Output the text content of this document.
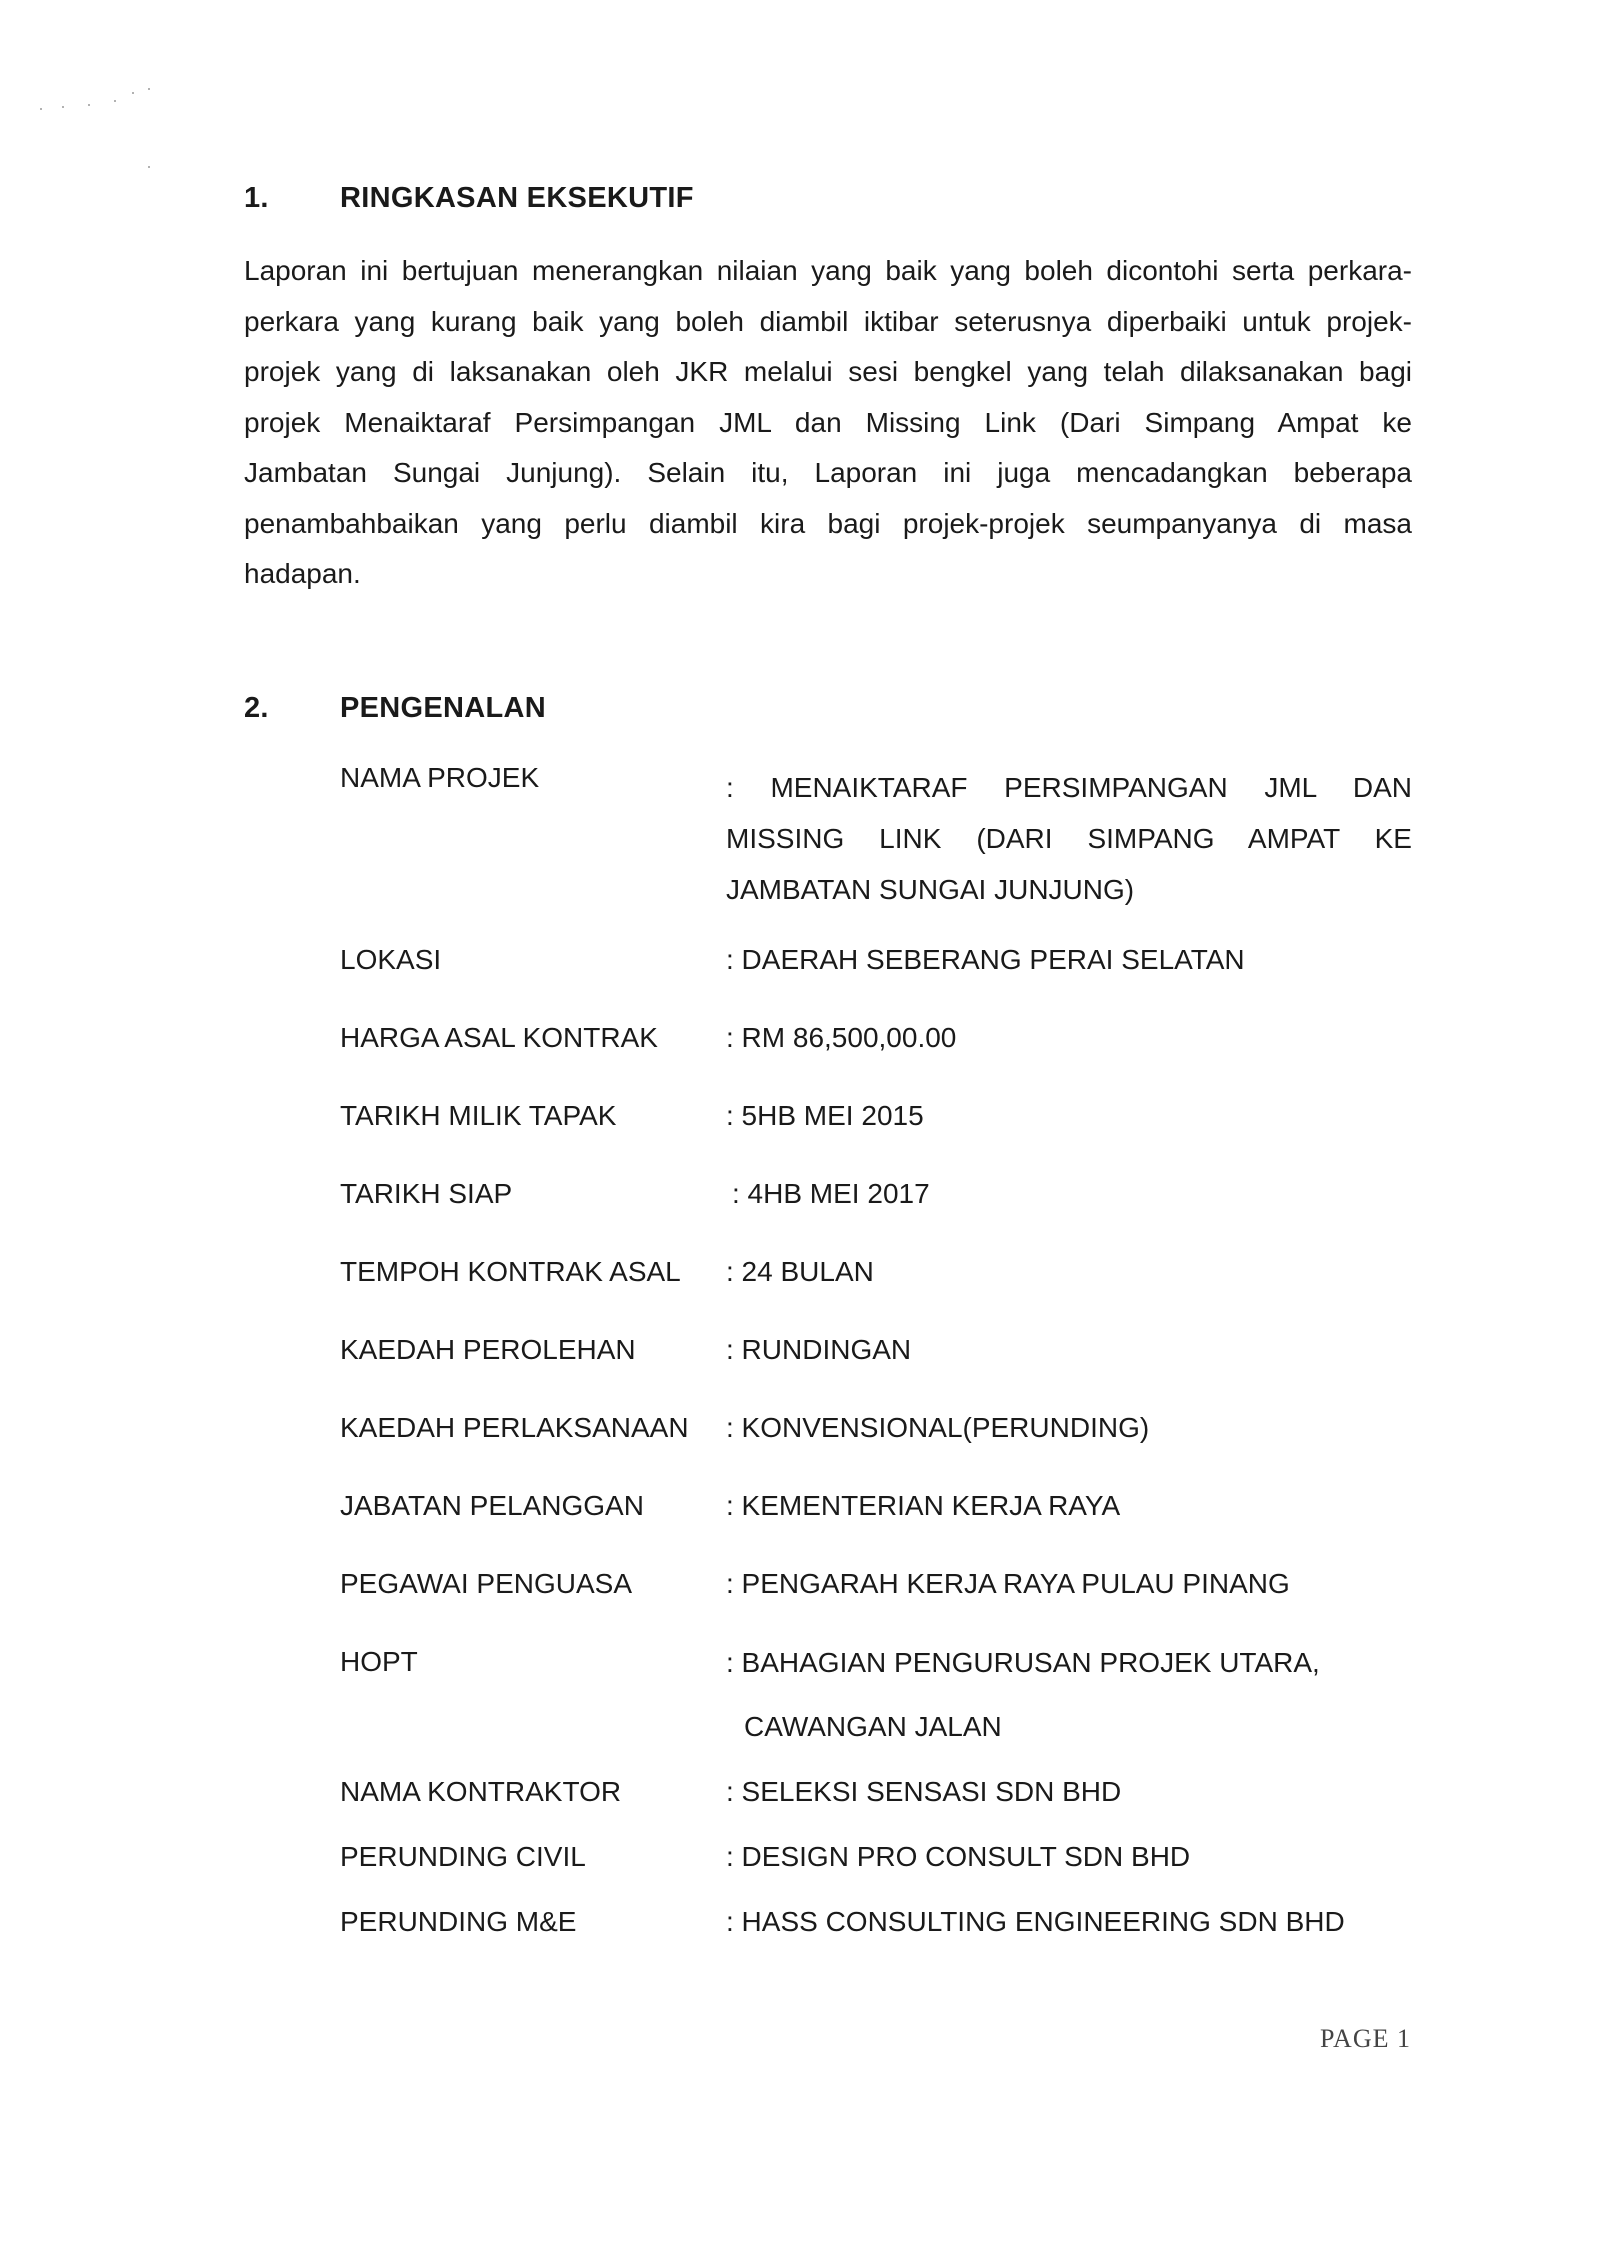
1. RINGKASAN EKSEKUTIF
Laporan ini bertujuan menerangkan nilaian yang baik yang boleh dicontohi serta perkara-
perkara yang kurang baik yang boleh diambil iktibar seterusnya diperbaiki untuk projek-
projek yang di laksanakan oleh JKR melalui sesi bengkel yang telah dilaksanakan bagi
projek Menaiktaraf Persimpangan JML dan Missing Link (Dari Simpang Ampat ke
Jambatan Sungai Junjung). Selain itu, Laporan ini juga mencadangkan beberapa
penambahbaikan yang perlu diambil kira bagi projek-projek seumpanyanya di masa
hadapan.
2. PENGENALAN
NAMA PROJEK	: MENAIKTARAF PERSIMPANGAN JML DAN
MISSING LINK (DARI SIMPANG AMPAT KE
JAMBATAN SUNGAI JUNJUNG)
LOKASI	: DAERAH SEBERANG PERAI SELATAN
HARGA ASAL KONTRAK : RM 86,500,00.00
TARIKH MILIK TAPAK	: 5HB MEI 2015
TARIKH SIAP	: 4HB MEI 2017
TEMPOH KONTRAK ASAL : 24 BULAN
KAEDAH PEROLEHAN	: RUNDINGAN
KAEDAH PERLAKSANAAN : KONVENSIONAL(PERUNDING)
JABATAN PELANGGAN	: KEMENTERIAN KERJA RAYA
PEGAWAI PENGUASA	: PENGARAH KERJA RAYA PULAU PINANG
HOPT	: BAHAGIAN PENGURUSAN PROJEK UTARA,
CAWANGAN JALAN
NAMA KONTRAKTOR	: SELEKSI SENSASI SDN BHD
PERUNDING CIVIL	: DESIGN PRO CONSULT SDN BHD
PERUNDING M&E	: HASS CONSULTING ENGINEERING SDN BHD
PAGE 1
